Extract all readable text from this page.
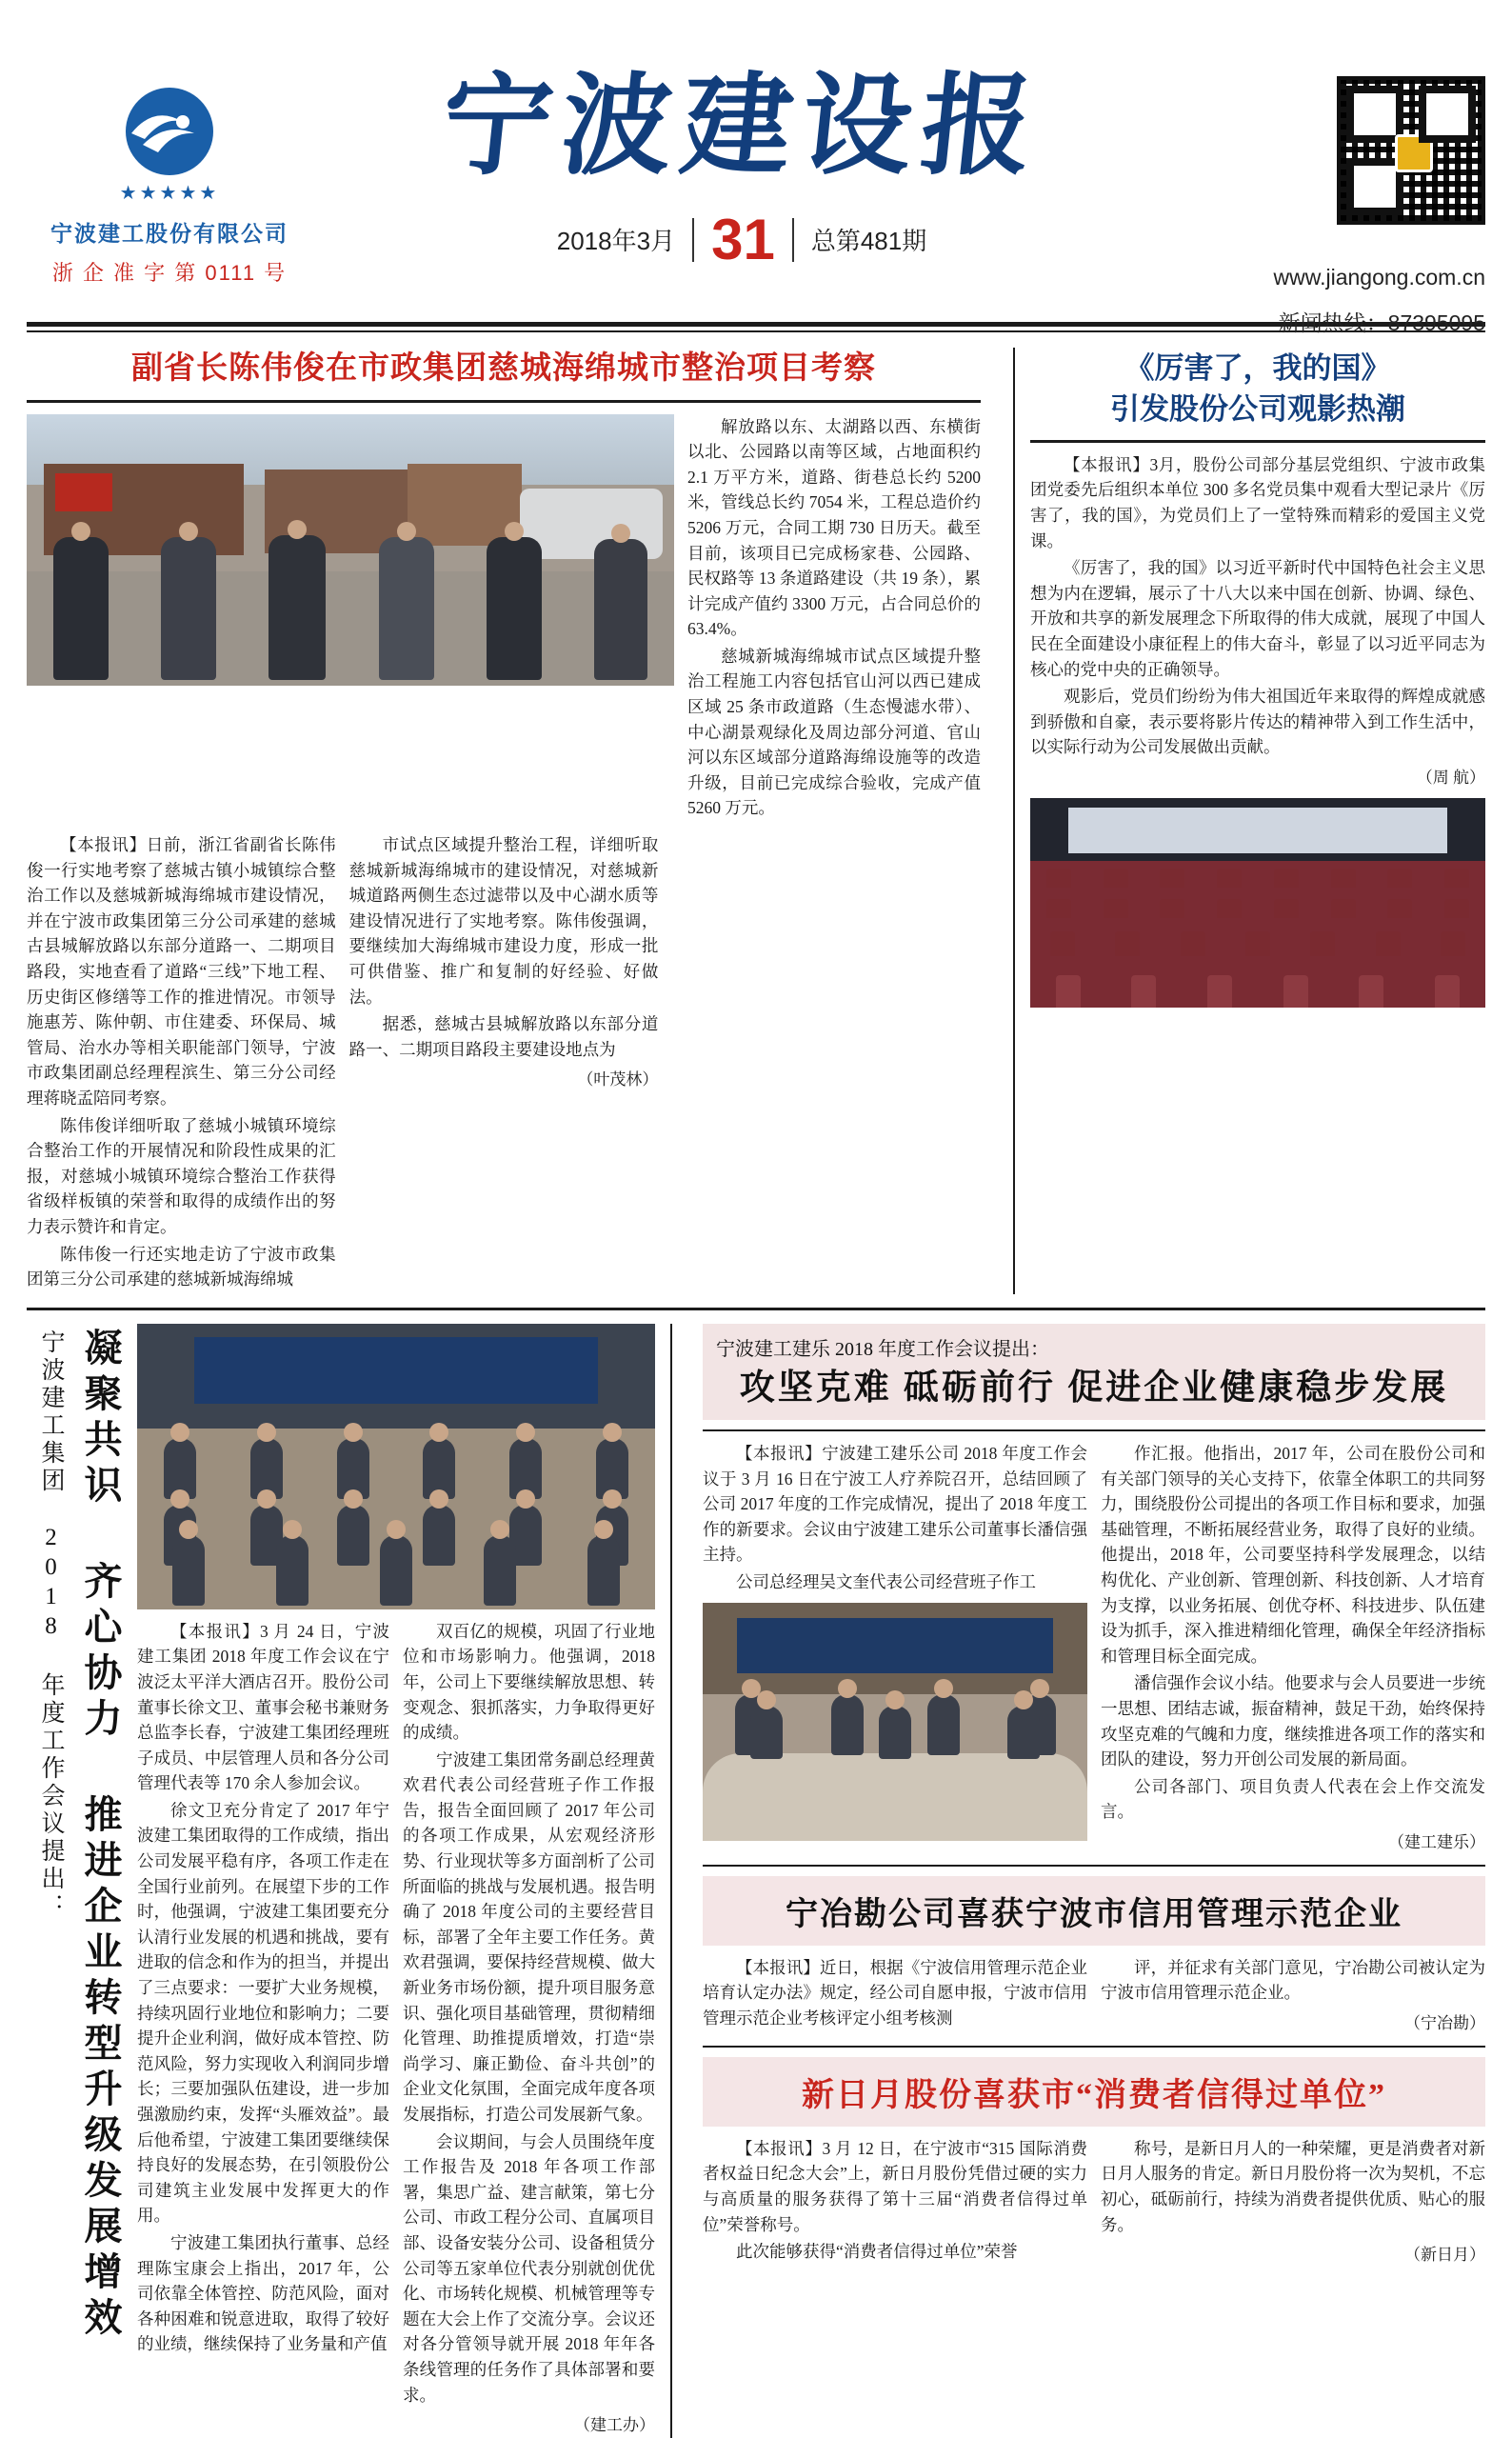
★★★★★
宁波建工股份有限公司
浙 企 准 字 第 0111 号
宁波建设报
2018年3月 31 总第481期
www.jiangong.com.cn
新闻热线：87395095
副省长陈伟俊在市政集团慈城海绵城市整治项目考察

解放路以东、太湖路以西、东横街以北、公园路以南等区域，占地面积约 2.1 万平方米，道路、街巷总长约 5200 米，管线总长约 7054 米，工程总造价约 5206 万元，合同工期 730 日历天。截至目前，该项目已完成杨家巷、公园路、民权路等 13 条道路建设（共 19 条），累计完成产值约 3300 万元，占合同总价的 63.4%。

慈城新城海绵城市试点区域提升整治工程施工内容包括官山河以西已建成区域 25 条市政道路（生态慢滤水带）、中心湖景观绿化及周边部分河道、官山河以东区域部分道路海绵设施等的改造升级，目前已完成综合验收，完成产值 5260 万元。

【本报讯】日前，浙江省副省长陈伟俊一行实地考察了慈城古镇小城镇综合整治工作以及慈城新城海绵城市建设情况，并在宁波市政集团第三分公司承建的慈城古县城解放路以东部分道路一、二期项目路段，实地查看了道路“三线”下地工程、历史街区修缮等工作的推进情况。市领导施惠芳、陈仲朝、市住建委、环保局、城管局、治水办等相关职能部门领导，宁波市政集团副总经理程滨生、第三分公司经理蒋晓孟陪同考察。

陈伟俊详细听取了慈城小城镇环境综合整治工作的开展情况和阶段性成果的汇报，对慈城小城镇环境综合整治工作获得省级样板镇的荣誉和取得的成绩作出的努力表示赞许和肯定。

陈伟俊一行还实地走访了宁波市政集团第三分公司承建的慈城新城海绵城

市试点区域提升整治工程，详细听取慈城新城海绵城市的建设情况，对慈城新城道路两侧生态过滤带以及中心湖水质等建设情况进行了实地考察。陈伟俊强调，要继续加大海绵城市建设力度，形成一批可供借鉴、推广和复制的好经验、好做法。

据悉，慈城古县城解放路以东部分道路一、二期项目路段主要建设地点为

（叶茂林）
《厉害了，我的国》
引发股份公司观影热潮

【本报讯】3月，股份公司部分基层党组织、宁波市政集团党委先后组织本单位 300 多名党员集中观看大型记录片《厉害了，我的国》，为党员们上了一堂特殊而精彩的爱国主义党课。

《厉害了，我的国》以习近平新时代中国特色社会主义思想为内在逻辑，展示了十八大以来中国在创新、协调、绿色、开放和共享的新发展理念下所取得的伟大成就，展现了中国人民在全面建设小康征程上的伟大奋斗，彰显了以习近平同志为核心的党中央的正确领导。

观影后，党员们纷纷为伟大祖国近年来取得的辉煌成就感到骄傲和自豪，表示要将影片传达的精神带入到工作生活中，以实际行动为公司发展做出贡献。

（周 航）
宁波建工集团 2018 年度工作会议提出： 凝聚共识 齐心协力 推进企业转型升级发展增效	【本报讯】3 月 24 日，宁波建工集团 2018 年度工作会议在宁波泛太平洋大酒店召开。股份公司董事长徐文卫、董事会秘书兼财务总监李长春，宁波建工集团经理班子成员、中层管理人员和各分公司管理代表等 170 余人参加会议。

徐文卫充分肯定了 2017 年宁波建工集团取得的工作成绩，指出公司发展平稳有序，各项工作走在全国行业前列。在展望下步的工作时，他强调，宁波建工集团要充分认清行业发展的机遇和挑战，要有进取的信念和作为的担当，并提出了三点要求：一要扩大业务规模，持续巩固行业地位和影响力；二要提升企业利润，做好成本管控、防范风险，努力实现收入利润同步增长；三要加强队伍建设，进一步加强激励约束，发挥“头雁效益”。最后他希望，宁波建工集团要继续保持良好的发展态势，在引领股份公司建筑主业发展中发挥更大的作用。

宁波建工集团执行董事、总经理陈宝康会上指出，2017 年，公司依靠全体管控、防范风险，面对各种困难和锐意进取，取得了较好的业绩，继续保持了业务量和产值

双百亿的规模，巩固了行业地位和市场影响力。他强调，2018 年，公司上下要继续解放思想、转变观念、狠抓落实，力争取得更好的成绩。

宁波建工集团常务副总经理黄欢君代表公司经营班子作工作报告，报告全面回顾了 2017 年公司的各项工作成果，从宏观经济形势、行业现状等多方面剖析了公司所面临的挑战与发展机遇。报告明确了 2018 年度公司的主要经营目标，部署了全年主要工作任务。黄欢君强调，要保持经营规模、做大新业务市场份额，提升项目服务意识、强化项目基础管理，贯彻精细化管理、助推提质增效，打造“崇尚学习、廉正勤俭、奋斗共创”的企业文化氛围，全面完成年度各项发展指标，打造公司发展新气象。

会议期间，与会人员围绕年度工作报告及 2018 年各项工作部署，集思广益、建言献策，第七分公司、市政工程分公司、直属项目部、设备安装分公司、设备租赁分公司等五家单位代表分别就创优优化、市场转化规模、机械管理等专题在大会上作了交流分享。会议还对各分管领导就开展 2018 年年各条线管理的任务作了具体部署和要求。

（建工办）
宁波建工建乐 2018 年度工作会议提出：
攻坚克难 砥砺前行 促进企业健康稳步发展

【本报讯】宁波建工建乐公司 2018 年度工作会议于 3 月 16 日在宁波工人疗养院召开，总结回顾了公司 2017 年度的工作完成情况，提出了 2018 年度工作的新要求。会议由宁波建工建乐公司董事长潘信强主持。

公司总经理吴文奎代表公司经营班子作工

作汇报。他指出，2017 年，公司在股份公司和有关部门领导的关心支持下，依靠全体职工的共同努力，围绕股份公司提出的各项工作目标和要求，加强基础管理，不断拓展经营业务，取得了良好的业绩。他提出，2018 年，公司要坚持科学发展理念，以结构优化、产业创新、管理创新、科技创新、人才培育为支撑，以业务拓展、创优夺杯、科技进步、队伍建设为抓手，深入推进精细化管理，确保全年经济指标和管理目标全面完成。

潘信强作会议小结。他要求与会人员要进一步统一思想、团结志诚，振奋精神，鼓足干劲，始终保持攻坚克难的气魄和力度，继续推进各项工作的落实和团队的建设，努力开创公司发展的新局面。

公司各部门、项目负责人代表在会上作交流发言。

（建工建乐）
宁冶勘公司喜获宁波市信用管理示范企业

【本报讯】近日，根据《宁波信用管理示范企业培育认定办法》规定，经公司自愿申报，宁波市信用管理示范企业考核评定小组考核测

评，并征求有关部门意见，宁冶勘公司被认定为宁波市信用管理示范企业。

（宁冶勘）
新日月股份喜获市“消费者信得过单位”

【本报讯】3 月 12 日，在宁波市“315 国际消费者权益日纪念大会”上，新日月股份凭借过硬的实力与高质量的服务获得了第十三届“消费者信得过单位”荣誉称号。

此次能够获得“消费者信得过单位”荣誉

称号，是新日月人的一种荣耀，更是消费者对新日月人服务的肯定。新日月股份将一次为契机，不忘初心，砥砺前行，持续为消费者提供优质、贴心的服务。

（新日月）
